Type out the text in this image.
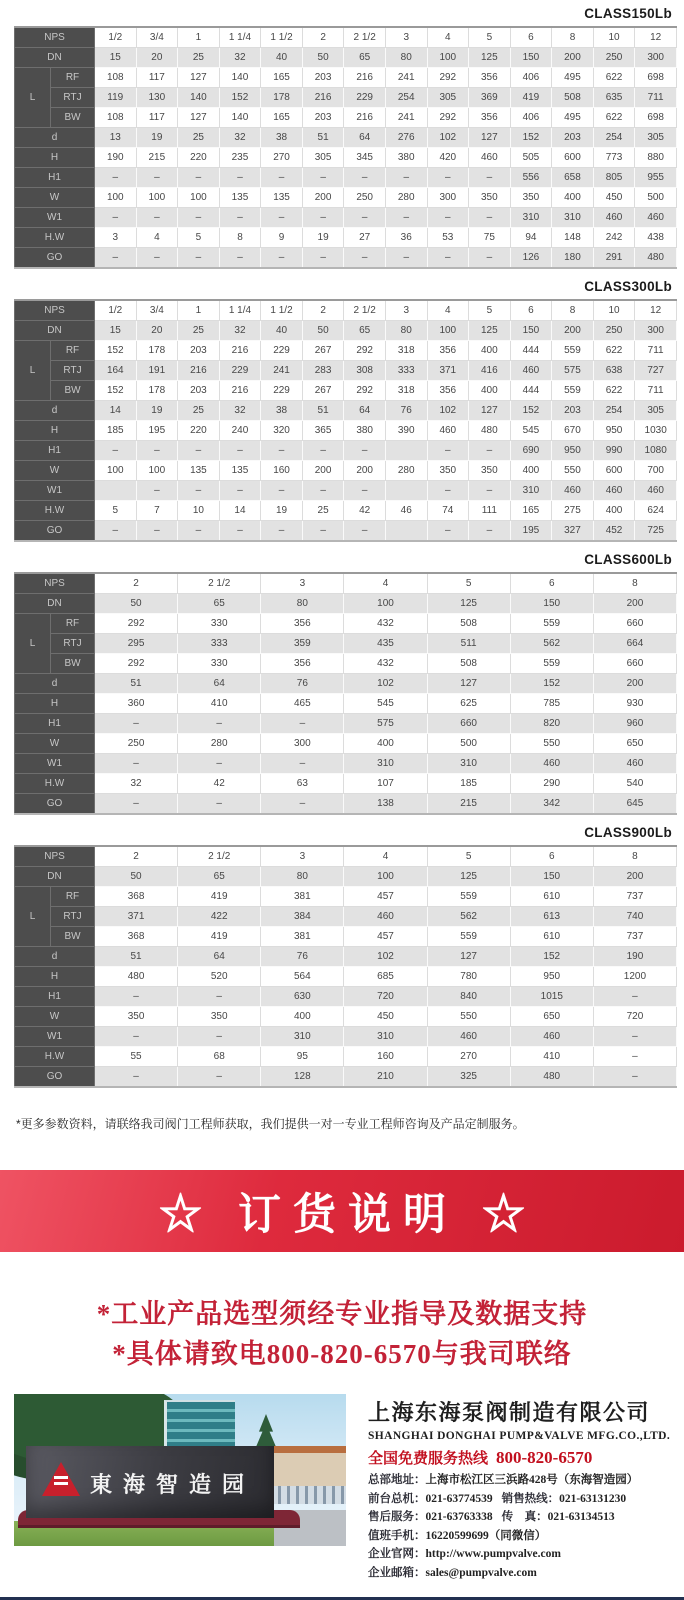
CLASS150Lb
NPS		1/2	3/4	1	1 1/4	1 1/2	2	2 1/2	3	4	5	6	8	10	12
DN		15	20	25	32	40	50	65	80	100	125	150	200	250	300
L	RF	108	117	127	140	165	203	216	241	292	356	406	495	622	698
	RTJ	119	130	140	152	178	216	229	254	305	369	419	508	635	711
	BW	108	117	127	140	165	203	216	241	292	356	406	495	622	698
d		13	19	25	32	38	51	64	276	102	127	152	203	254	305
H		190	215	220	235	270	305	345	380	420	460	505	600	773	880
H1		–	–	–	–	–	–	–	–	–	–	556	658	805	955
W		100	100	100	135	135	200	250	280	300	350	350	400	450	500
W1		–	–	–	–	–	–	–	–	–	–	310	310	460	460
H.W		3	4	5	8	9	19	27	36	53	75	94	148	242	438
GO		–	–	–	–	–	–	–	–	–	–	126	180	291	480
CLASS300Lb
NPS		1/2	3/4	1	1 1/4	1 1/2	2	2 1/2	3	4	5	6	8	10	12
DN		15	20	25	32	40	50	65	80	100	125	150	200	250	300
L	RF	152	178	203	216	229	267	292	318	356	400	444	559	622	711
	RTJ	164	191	216	229	241	283	308	333	371	416	460	575	638	727
	BW	152	178	203	216	229	267	292	318	356	400	444	559	622	711
d		14	19	25	32	38	51	64	76	102	127	152	203	254	305
H		185	195	220	240	320	365	380	390	460	480	545	670	950	1030
H1		–	–	–	–	–	–	–		–	–	690	950	990	1080
W		100	100	135	135	160	200	200	280	350	350	400	550	600	700
W1			–	–	–	–	–	–		–	–	310	460	460	460
H.W		5	7	10	14	19	25	42	46	74	111	165	275	400	624
GO		–	–	–	–	–	–	–		–	–	195	327	452	725
CLASS600Lb
NPS		2	2 1/2	3	4	5	6	8
DN		50	65	80	100	125	150	200
L	RF	292	330	356	432	508	559	660
	RTJ	295	333	359	435	511	562	664
	BW	292	330	356	432	508	559	660
d		51	64	76	102	127	152	200
H		360	410	465	545	625	785	930
H1		–	–	–	575	660	820	960
W		250	280	300	400	500	550	650
W1		–	–	–	310	310	460	460
H.W		32	42	63	107	185	290	540
GO		–	–	–	138	215	342	645
CLASS900Lb
NPS		2	2 1/2	3	4	5	6	8
DN		50	65	80	100	125	150	200
L	RF	368	419	381	457	559	610	737
	RTJ	371	422	384	460	562	613	740
	BW	368	419	381	457	559	610	737
d		51	64	76	102	127	152	190
H		480	520	564	685	780	950	1200
H1		–	–	630	720	840	1015	–
W		350	350	400	450	550	650	720
W1		–	–	310	310	460	460	–
H.W		55	68	95	160	270	410	–
GO		–	–	128	210	325	480	–
*更多参数资料，请联络我司阀门工程师获取，我们提供一对一专业工程师咨询及产品定制服务。
☆ 订货说明 ☆
*工业产品选型须经专业指导及数据支持
*具体请致电800-820-6570与我司联络
東海智造园
上海东海泵阀制造有限公司
SHANGHAI DONGHAI PUMP&VALVE MFG.CO.,LTD.
全国免费服务热线 800-820-6570
总部地址：上海市松江区三浜路428号（东海智造园）
前台总机：021-63774539 销售热线：021-63131230
售后服务：021-63763338 传　真：021-63134513
值班手机：16220599699（同微信）
企业官网：http://www.pumpvalve.com
企业邮箱：sales@pumpvalve.com
